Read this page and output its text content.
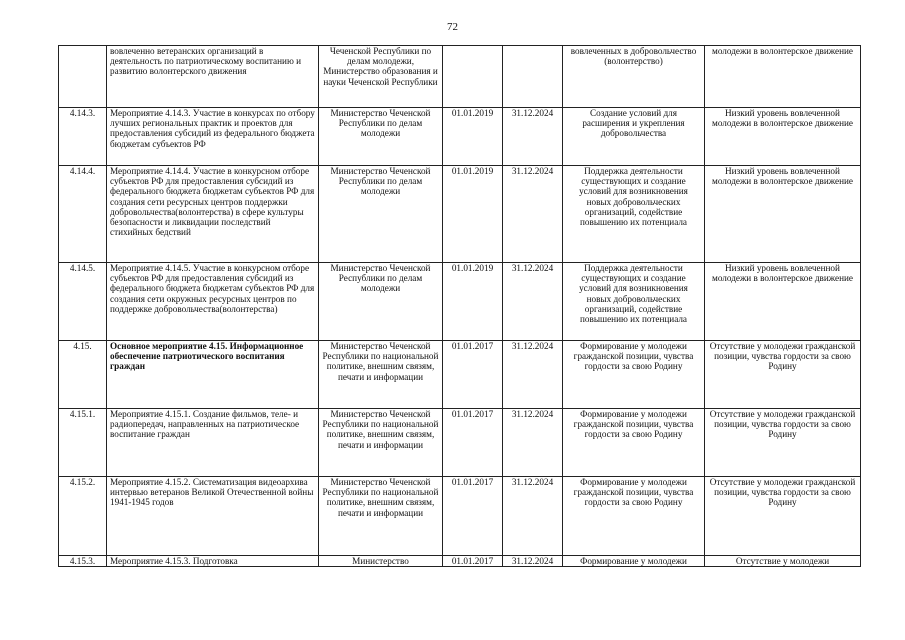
72
	вовлеченно ветеранских организаций в деятельность по патриотическому воспитанию и развитию волонтерского движения	Чеченской Республики по делам молодежи, Министерство образования и науки Чеченской Республики			вовлеченных в добровольчество (волонтерство)	молодежи в волонтерское движение
4.14.3.	Мероприятие 4.14.3. Участие в конкурсах по отбору лучших региональных практик и проектов для предоставления субсидий из федерального бюджета бюджетам субъектов РФ	Министерство Чеченской Республики по делам молодежи	01.01.2019	31.12.2024	Создание условий для расширения и укрепления добровольчества	Низкий уровень вовлеченной молодежи в волонтерское движение
4.14.4.	Мероприятие 4.14.4. Участие в конкурсном отборе субъектов РФ для предоставления субсидий из федерального бюджета бюджетам субъектов РФ для создания сети ресурсных центров поддержки добровольчества(волонтерства) в сфере культуры безопасности и ликвидации последствий стихийных бедствий	Министерство Чеченской Республики по делам молодежи	01.01.2019	31.12.2024	Поддержка деятельности существующих и создание условий для возникновения новых добровольческих организаций, содействие повышению их потенциала	Низкий уровень вовлеченной молодежи в волонтерское движение
4.14.5.	Мероприятие 4.14.5. Участие в конкурсном отборе субъектов РФ для предоставления субсидий из федерального бюджета бюджетам субъектов РФ для создания сети окружных ресурсных центров по поддержке добровольчества(волонтерства)	Министерство Чеченской Республики по делам молодежи	01.01.2019	31.12.2024	Поддержка деятельности существующих и создание условий для возникновения новых добровольческих организаций, содействие повышению их потенциала	Низкий уровень вовлеченной молодежи в волонтерское движение
4.15.	Основное мероприятие 4.15. Информационное обеспечение патриотического воспитания граждан	Министерство Чеченской Республики по национальной политике, внешним связям, печати и информации	01.01.2017	31.12.2024	Формирование у молодежи гражданской позиции, чувства гордости за свою Родину	Отсутствие у молодежи гражданской позиции, чувства гордости за свою Родину
4.15.1.	Мероприятие 4.15.1. Создание фильмов, теле- и радиопередач, направленных на патриотическое воспитание граждан	Министерство Чеченской Республики по национальной политике, внешним связям, печати и информации	01.01.2017	31.12.2024	Формирование у молодежи гражданской позиции, чувства гордости за свою Родину	Отсутствие у молодежи гражданской позиции, чувства гордости за свою Родину
4.15.2.	Мероприятие 4.15.2. Систематизация видеоархива интервью ветеранов Великой Отечественной войны 1941-1945 годов	Министерство Чеченской Республики по национальной политике, внешним связям, печати и информации	01.01.2017	31.12.2024	Формирование у молодежи гражданской позиции, чувства гордости за свою Родину	Отсутствие у молодежи гражданской позиции, чувства гордости за свою Родину
4.15.3.	Мероприятие 4.15.3. Подготовка	Министерство	01.01.2017	31.12.2024	Формирование у молодежи	Отсутствие у молодежи
